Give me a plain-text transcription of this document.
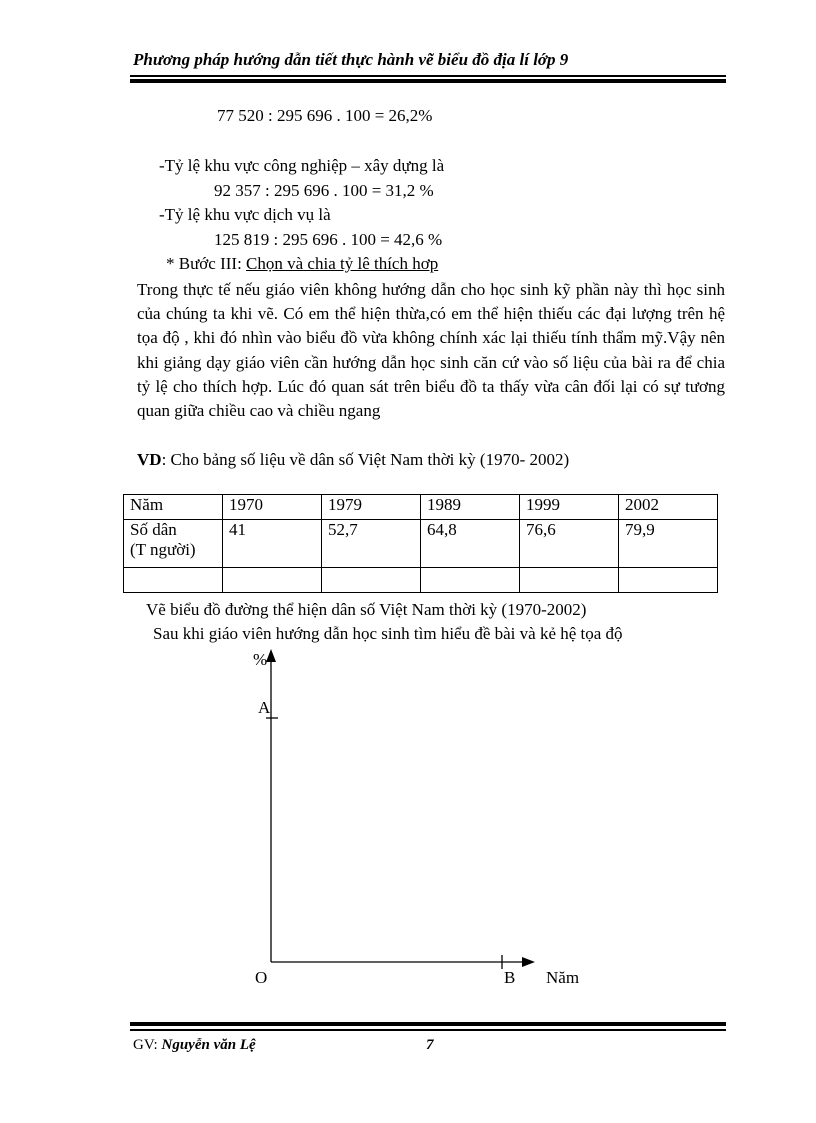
Phương pháp hướng dẫn tiết thực hành vẽ biểu đồ địa lí lớp 9
77 520 : 295 696 . 100 = 26,2%
-Tỷ lệ khu vực công nghiệp – xây dựng là
92 357 : 295 696 . 100 = 31,2 %
-Tỷ lệ khu vực dịch vụ là
125 819 : 295 696 . 100 = 42,6 %
* Bước III: Chọn và chia tỷ lê thích hơp

Trong thực tế nếu giáo viên không hướng dẫn cho học sinh kỹ phần này thì học sinh của chúng ta khi vẽ. Có em thể hiện thừa,có em thể hiện thiếu các đại lượng trên hệ tọa độ , khi đó nhìn vào biểu đồ vừa không chính xác lại thiếu tính thẩm mỹ.Vậy nên khi giảng dạy giáo viên cần hướng dẫn học sinh căn cứ vào số liệu của bài ra để chia tỷ lệ cho thích hợp. Lúc đó quan sát trên biểu đồ ta thấy vừa cân đối lại có sự tương quan giữa chiều cao và chiều ngang

VD: Cho bảng số liệu về dân số Việt Nam thời kỳ (1970- 2002)
Năm	1970	1979	1989	1999	2002

Số dân
(T người)	41	52,7	64,8	76,6	79,9

Vẽ biểu đồ đường thể hiện dân số Việt Nam thời kỳ (1970-2002)
Sau khi giáo viên hướng dẫn học sinh tìm hiểu đề bài và kẻ hệ tọa độ
%
A
O	B Năm
GV: Nguyễn văn Lệ	7
